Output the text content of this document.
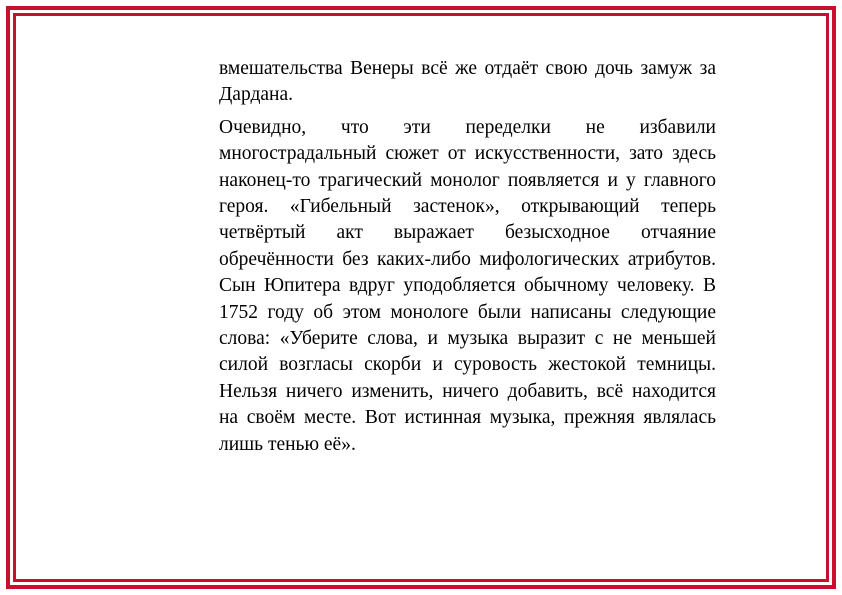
вмешательства Венеры всё же отдаёт свою дочь замуж за Дардана.

Очевидно, что эти переделки не избавили многострадальный сюжет от искусственности, зато здесь наконец-то трагический монолог появляется и у главного героя. «Гибельный застенок», открывающий теперь четвёртый акт выражает безысходное отчаяние обречённости без каких-либо мифологических атрибутов. Сын Юпитера вдруг уподобляется обычному человеку. В 1752 году об этом монологе были написаны следующие слова: «Уберите слова, и музыка выразит с не меньшей силой возгласы скорби и суровость жестокой темницы. Нельзя ничего изменить, ничего добавить, всё находится на своём месте. Вот истинная музыка, прежняя являлась лишь тенью её».
